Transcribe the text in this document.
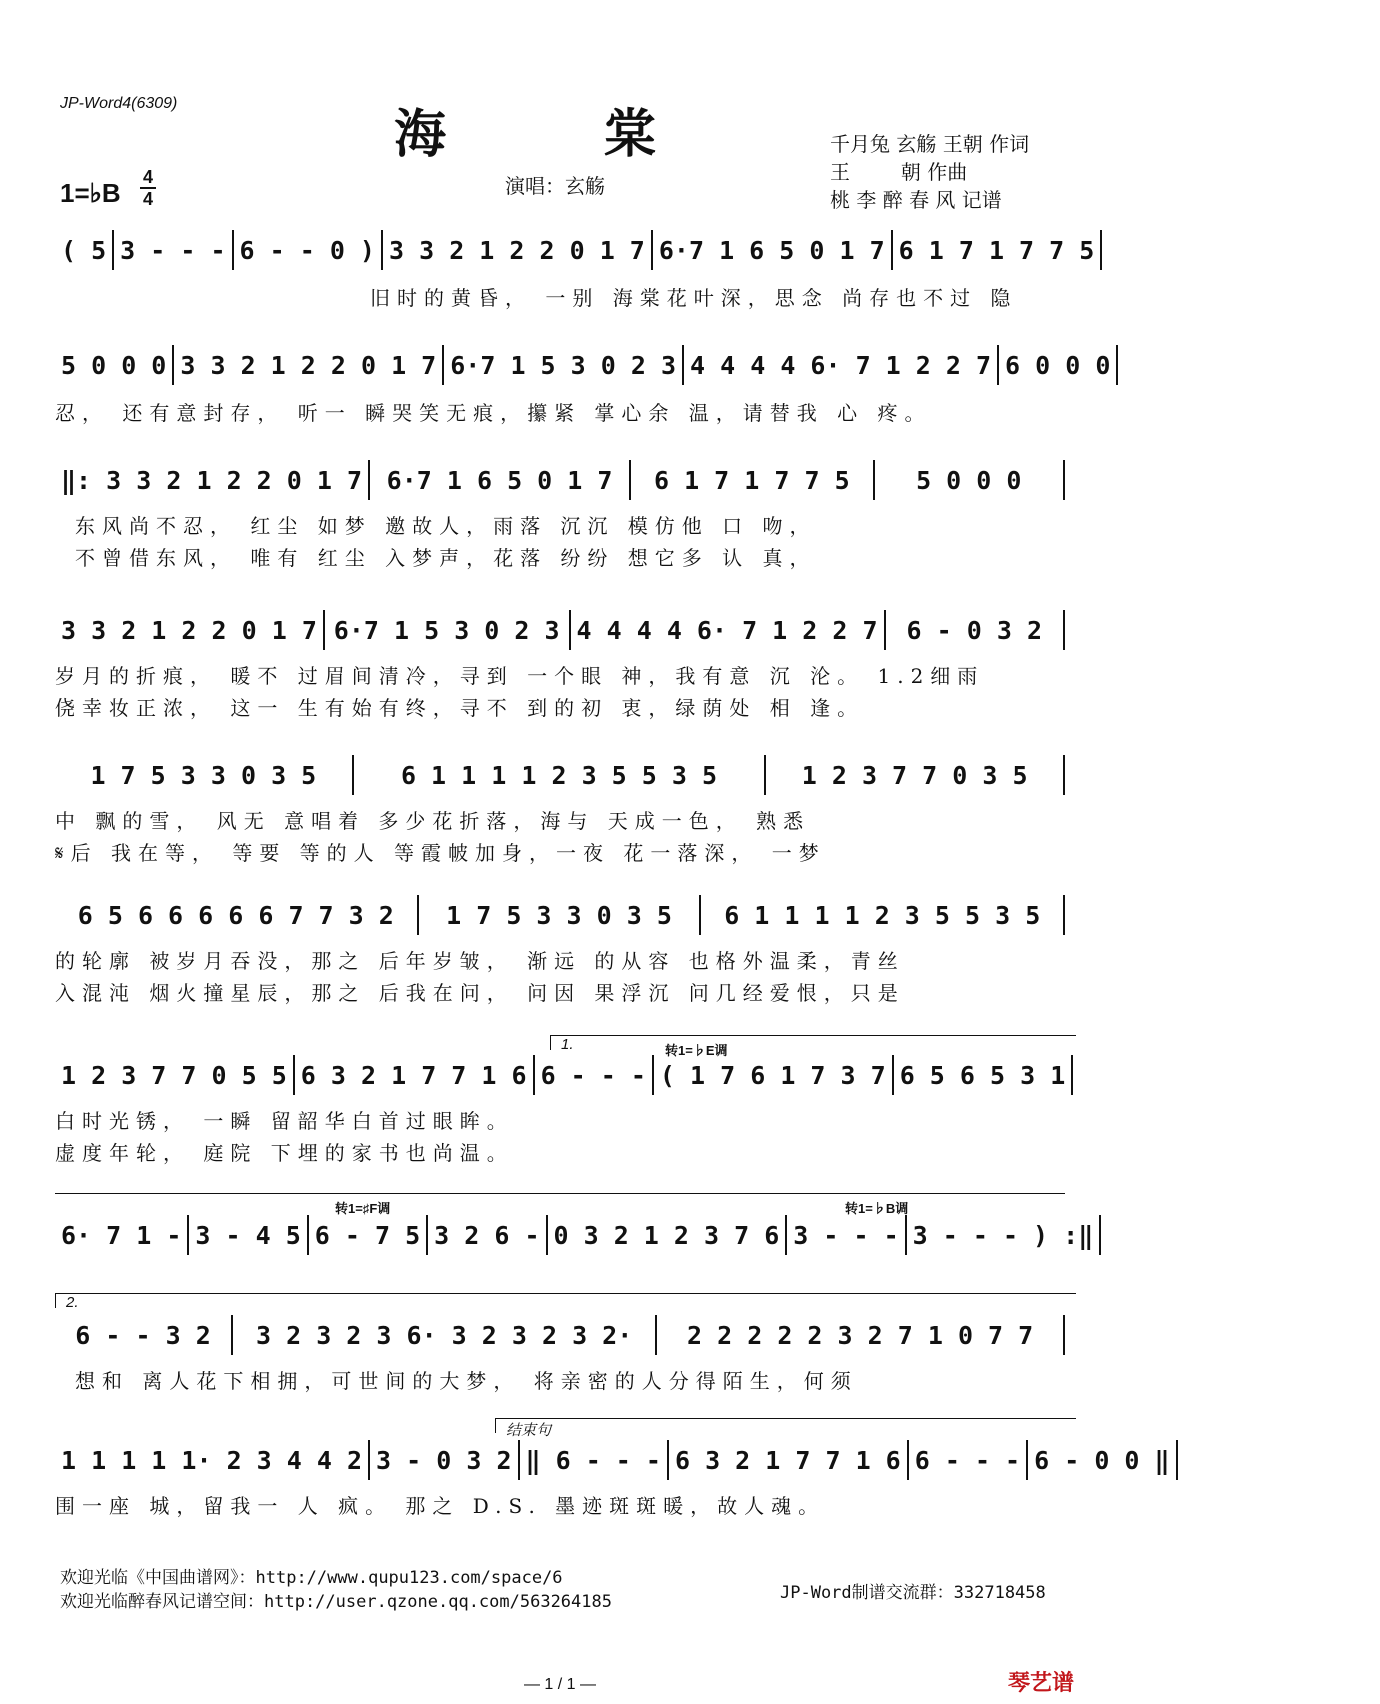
JP-Word4(6309)
海 棠
1=♭B
4
4
演唱：玄觞
千月兔 玄觞 王朝 作词
王        朝 作曲
桃 李 醉 春 风 记谱
( 5 3 - - - 6 - - 0 ) 3 3 2 1 2 2 0 1 7 6·7 1 6 5 0 1 7 6 1 7 1 7 7 5
旧时的黄昏， 一别 海棠花叶深，思念 尚存也不过 隐
5 0 0 0 3 3 2 1 2 2 0 1 7 6·7 1 5 3 0 2 3 4 4 4 4 6· 7 1 2 2 7 6 0 0 0
忍， 还有意封存， 听一 瞬哭笑无痕，攥紧 掌心余 温，请替我 心 疼。
‖: 3 3 2 1 2 2 0 1 7 6·7 1 6 5 0 1 7	6 1 7 1 7 7 5	5 0 0 0
东风尚不忍， 红尘 如梦 邀故人，雨落 沉沉 模仿他 口 吻，
不曾借东风， 唯有 红尘 入梦声，花落 纷纷 想它多 认 真，
3 3 2 1 2 2 0 1 7 6·7 1 5 3 0 2 3 4 4 4 4 6· 7 1 2 2 7	6 - 0 3 2
岁月的折痕， 暖不 过眉间清冷，寻到 一个眼 神，我有意 沉 沦。 1.2细雨
侥幸妆正浓， 这一 生有始有终，寻不 到的初 衷，绿荫处 相 逢。
1 7 5 3 3 0 3 5	6 1 1 1 1 2 3 5 5 3 5	1 2 3 7 7 0 3 5
中 飘的雪， 风无 意唱着 多少花折落，海与 天成一色， 熟悉
𝄋后 我在等， 等要 等的人 等霞帔加身，一夜 花一落深， 一梦
6 5 6 6 6 6 6 7 7 3 2	1 7 5 3 3 0 3 5	6 1 1 1 1 2 3 5 5 3 5
的轮廓 被岁月吞没，那之 后年岁皱， 渐远 的从容 也格外温柔，青丝
入混沌 烟火撞星辰，那之 后我在问， 问因 果浮沉 问几经爱恨，只是
1.	转1=♭E调
1 2 3 7 7 0 5 5 6 3 2 1 7 7 1 6 6 - - - ( 1 7 6 1 7 3 7 6 5 6 5 3 1
白时光锈， 一瞬 留韶华白首过眼眸。
虚度年轮， 庭院 下埋的家书也尚温。
转1=♯F调	转1=♭B调
6· 7 1 - 3 - 4 5 6 - 7 5 3 2 6 - 0 3 2 1 2 3 7 6 3 - - - 3 - - - ) :‖
2.
6 - - 3 2	3 2 3 2 3 6· 3 2 3 2 3 2·	2 2 2 2 2 3 2 7 1 0 7 7
想和 离人花下相拥，可世间的大梦， 将亲密的人分得陌生，何须
结束句
1 1 1 1 1· 2 3 4 4 2 3 - 0 3 2 ‖ 6 - - - 6 3 2 1 7 7 1 6 6 - - - 6 - 0 0 ‖
围一座 城，留我一 人 疯。 那之 D.S. 墨迹斑斑暖，故人魂。
欢迎光临《中国曲谱网》：http://www.qupu123.com/space/6
欢迎光临醉春风记谱空间：http://user.qzone.qq.com/563264185	JP-Word制谱交流群：332718458
— 1 / 1 —	琴艺谱
